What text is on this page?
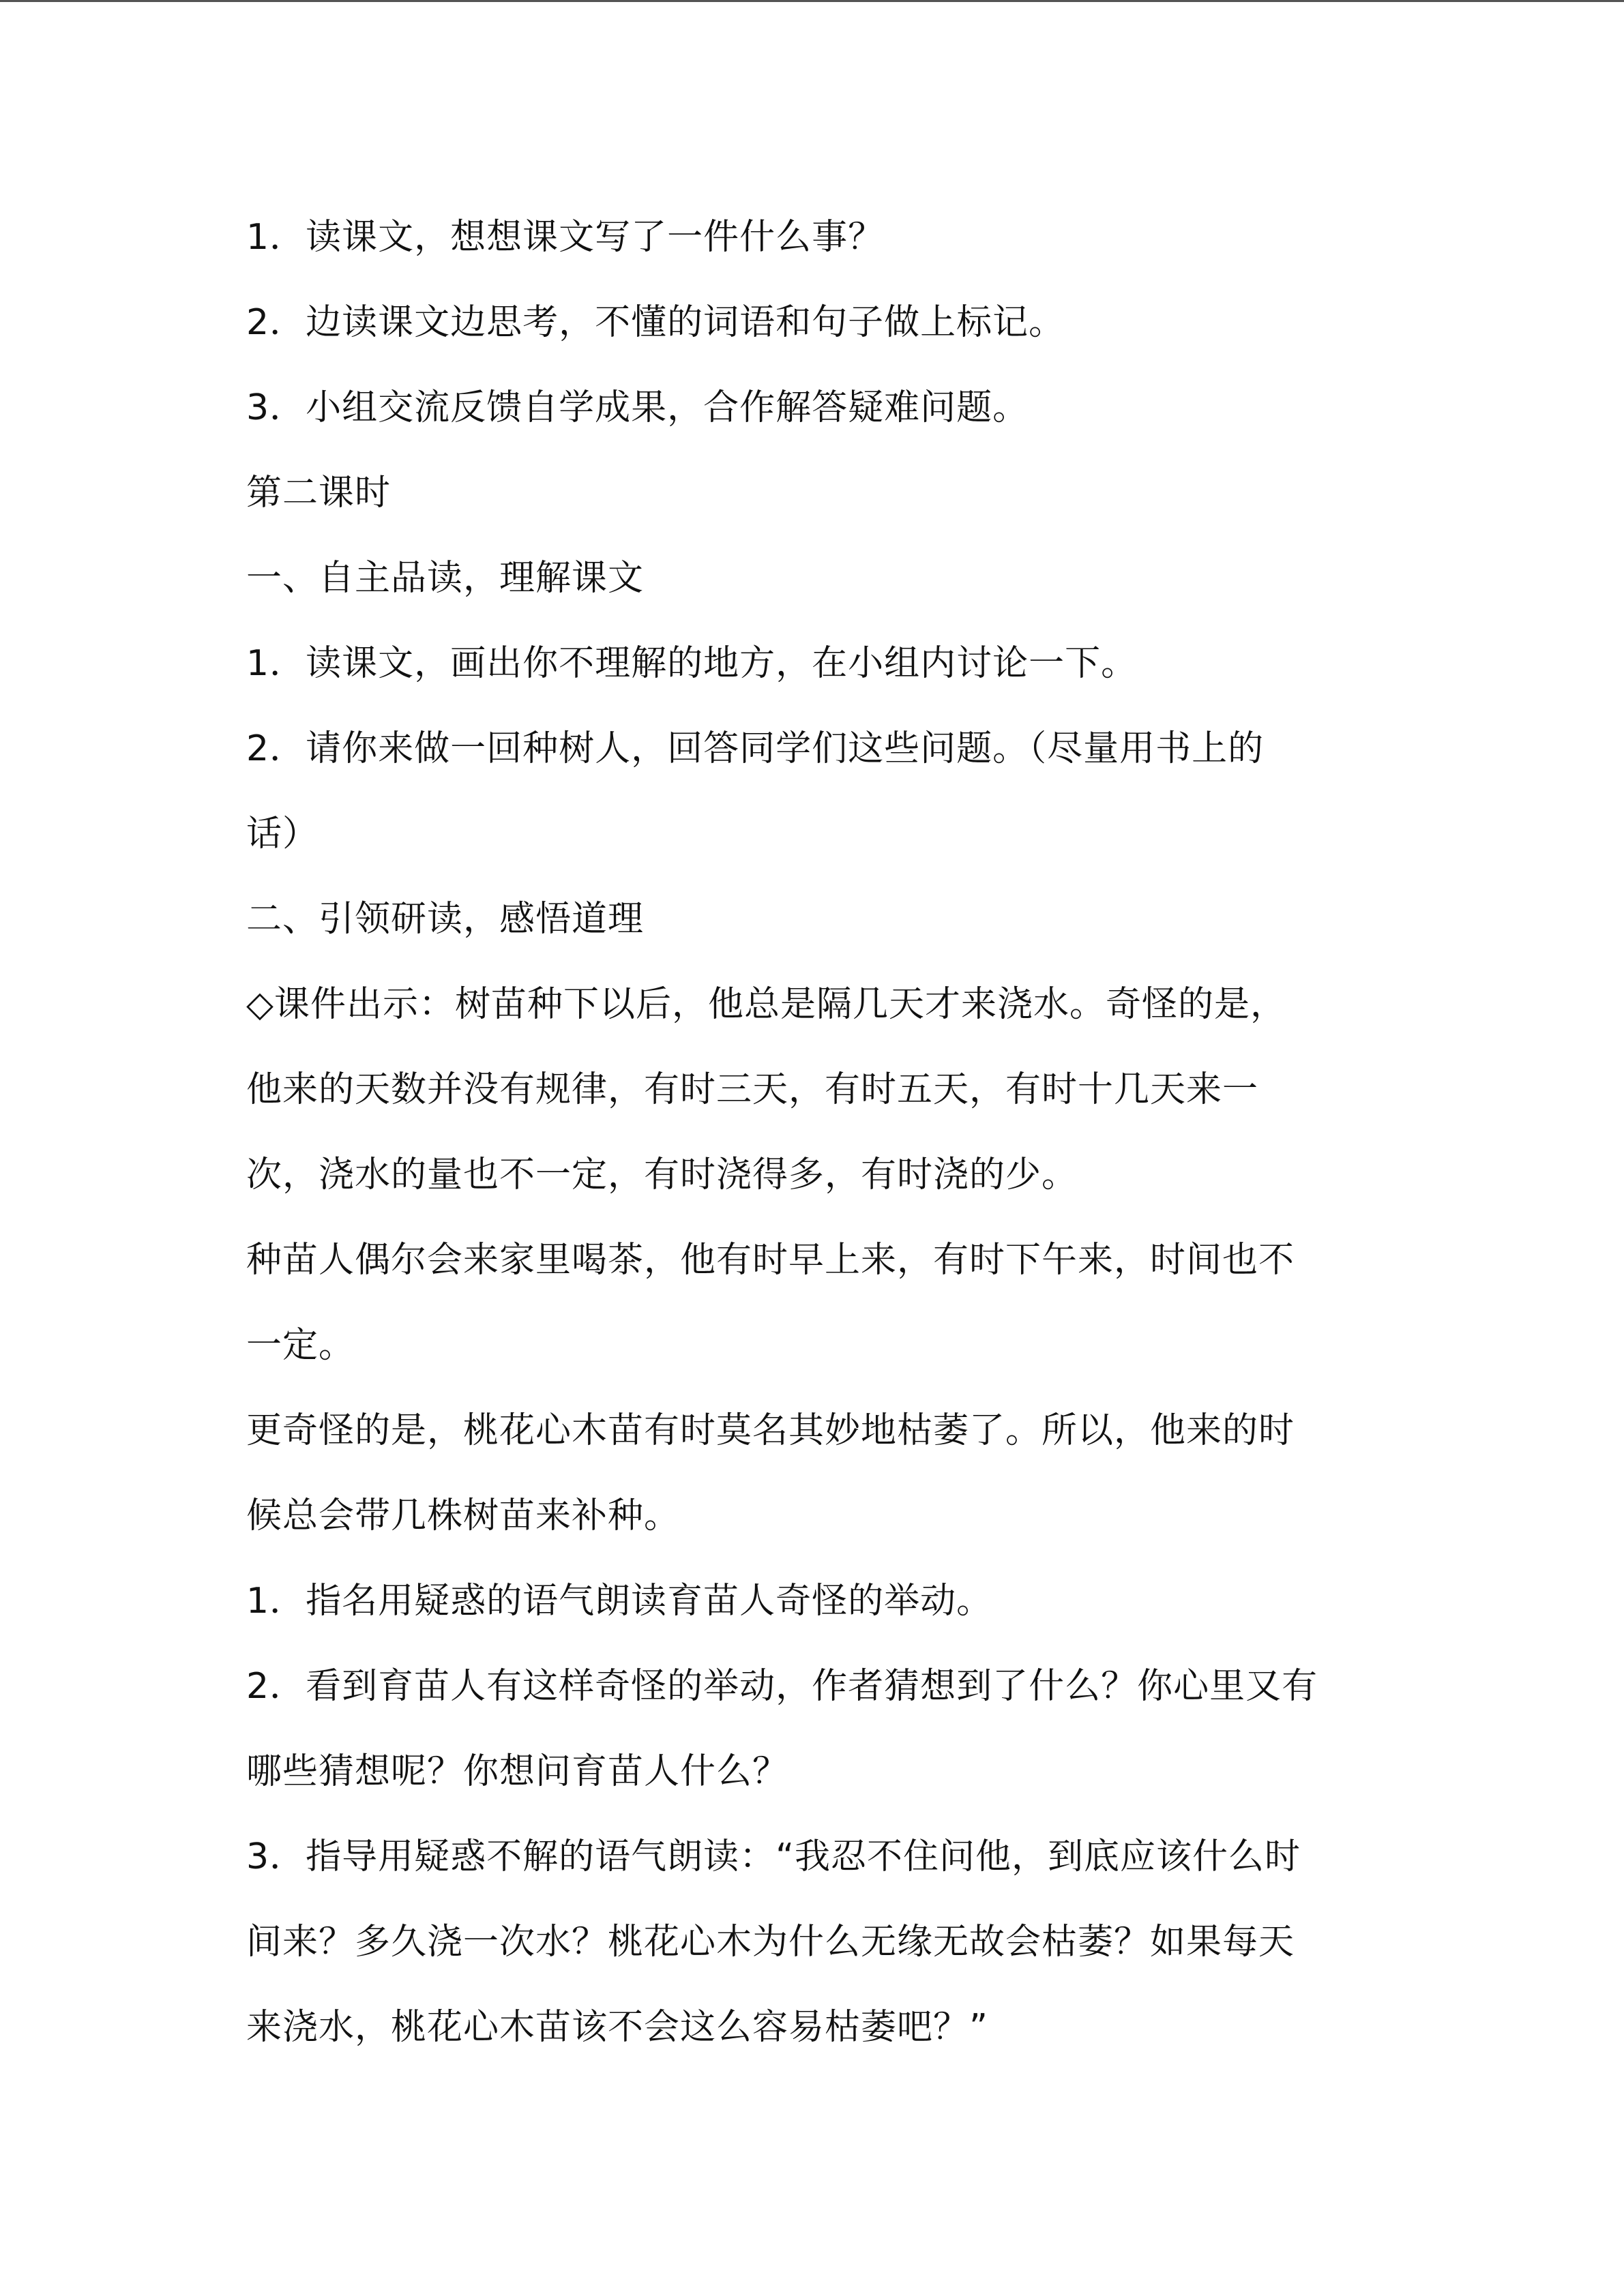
1．读课文，想想课文写了一件什么事？

2．边读课文边思考，不懂的词语和句子做上标记。

3．小组交流反馈自学成果，合作解答疑难问题。

第二课时

一、自主品读，理解课文

1．读课文，画出你不理解的地方，在小组内讨论一下。

2．请你来做一回种树人，回答同学们这些问题。（尽量用书上的

话）

二、引领研读，感悟道理

◇课件出示：树苗种下以后，他总是隔几天才来浇水。奇怪的是，

他来的天数并没有规律，有时三天，有时五天，有时十几天来一

次，浇水的量也不一定，有时浇得多，有时浇的少。

种苗人偶尔会来家里喝茶，他有时早上来，有时下午来，时间也不

一定。

更奇怪的是，桃花心木苗有时莫名其妙地枯萎了。所以，他来的时

候总会带几株树苗来补种。

1．指名用疑惑的语气朗读育苗人奇怪的举动。

2．看到育苗人有这样奇怪的举动，作者猜想到了什么？你心里又有

哪些猜想呢？你想问育苗人什么？

3．指导用疑惑不解的语气朗读：“我忍不住问他，到底应该什么时

间来？多久浇一次水？桃花心木为什么无缘无故会枯萎？如果每天

来浇水，桃花心木苗该不会这么容易枯萎吧？”
